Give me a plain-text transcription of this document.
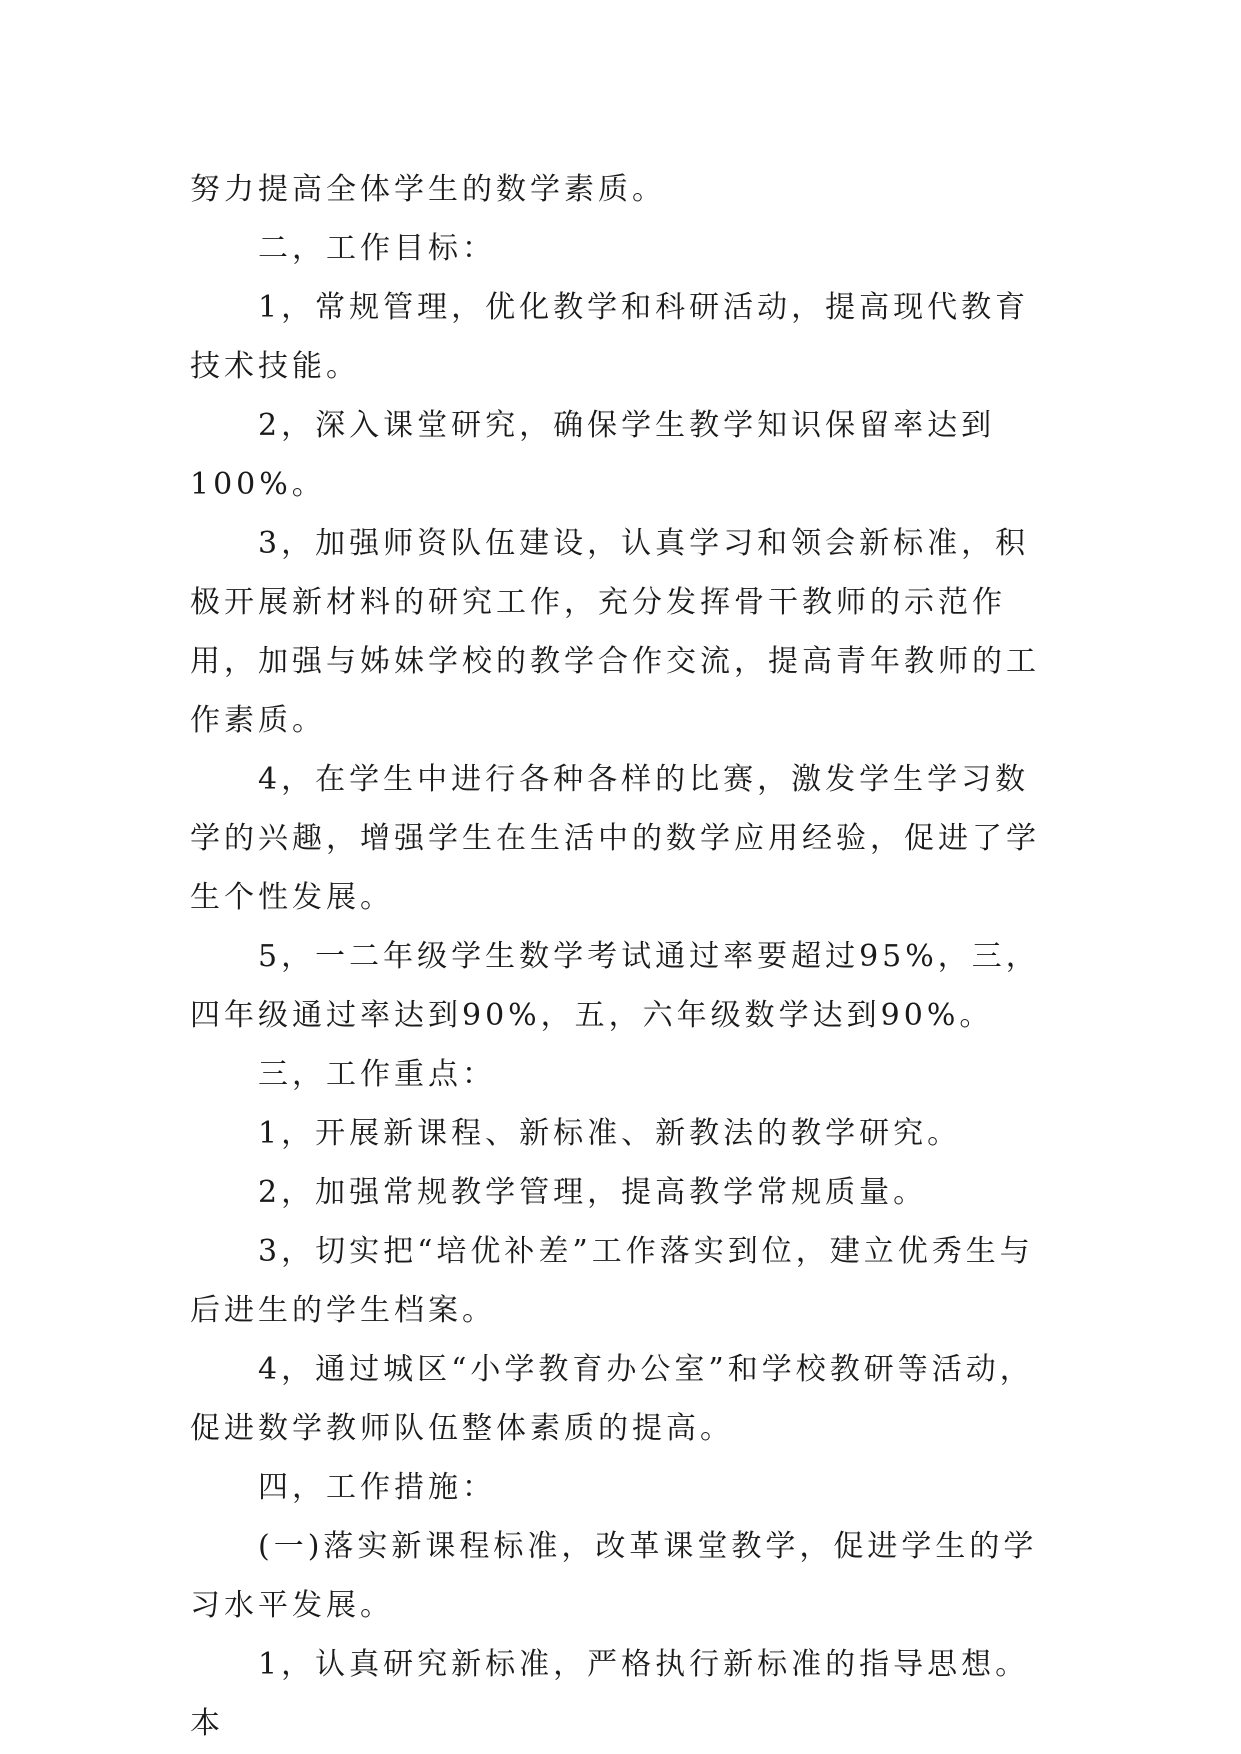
努力提高全体学生的数学素质。

二，工作目标：

1，常规管理，优化教学和科研活动，提高现代教育技术技能。

2，深入课堂研究，确保学生教学知识保留率达到100%。

3，加强师资队伍建设，认真学习和领会新标准，积极开展新材料的研究工作，充分发挥骨干教师的示范作用，加强与姊妹学校的教学合作交流，提高青年教师的工作素质。

4，在学生中进行各种各样的比赛，激发学生学习数学的兴趣，增强学生在生活中的数学应用经验，促进了学生个性发展。

5，一二年级学生数学考试通过率要超过95%，三，四年级通过率达到90%，五，六年级数学达到90%。

三，工作重点：

1，开展新课程、新标准、新教法的教学研究。

2，加强常规教学管理，提高教学常规质量。

3，切实把“培优补差”工作落实到位，建立优秀生与后进生的学生档案。

4，通过城区“小学教育办公室”和学校教研等活动，促进数学教师队伍整体素质的提高。

四，工作措施：

(一)落实新课程标准，改革课堂教学，促进学生的学习水平发展。

1，认真研究新标准，严格执行新标准的指导思想。本
